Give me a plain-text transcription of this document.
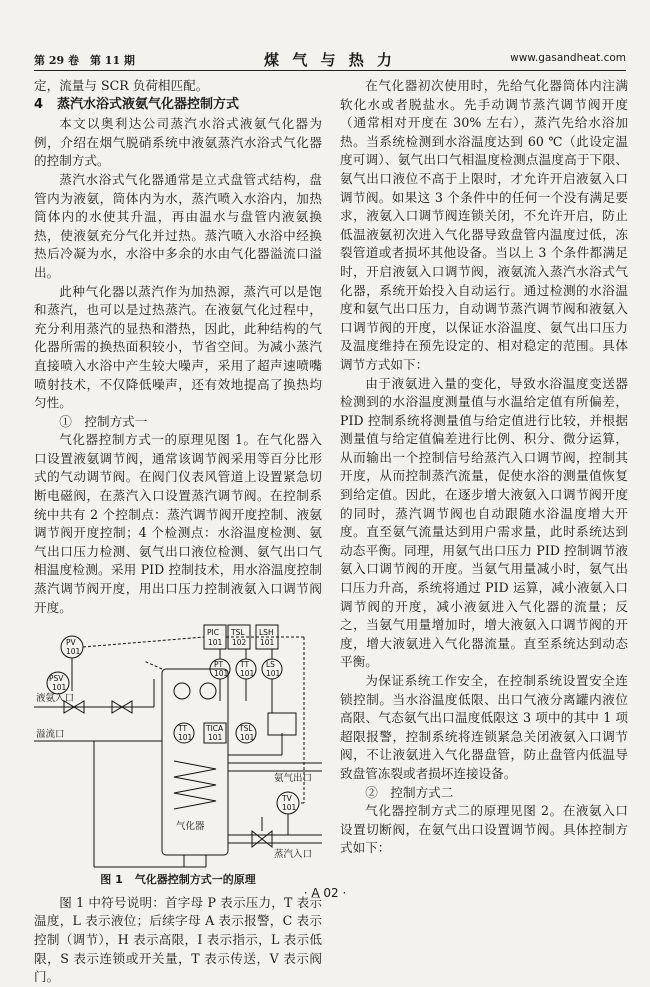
第 29 卷　第 11 期	煤 气 与 热 力	www.gasandheat.com

定，流量与 SCR 负荷相匹配。

4 蒸汽水浴式液氨气化器控制方式

本文以奥利达公司蒸汽水浴式液氨气化器为例，介绍在烟气脱硝系统中液氨蒸汽水浴式气化器的控制方式。

蒸汽水浴式气化器通常是立式盘管式结构，盘管内为液氨，筒体内为水，蒸汽喷入水浴内，加热筒体内的水使其升温，再由温水与盘管内液氨换热，使液氨充分气化并过热。蒸汽喷入水浴中经换热后冷凝为水，水浴中多余的水由气化器溢流口溢出。

此种气化器以蒸汽作为加热源，蒸汽可以是饱和蒸汽，也可以是过热蒸汽。在液氨气化过程中，充分利用蒸汽的显热和潜热，因此，此种结构的气化器所需的换热面积较小，节省空间。为减小蒸汽直接喷入水浴中产生较大噪声，采用了超声速喷嘴喷射技术，不仅降低噪声，还有效地提高了换热均匀性。

①　控制方式一

气化器控制方式一的原理见图 1。在气化器入口设置液氨调节阀，通常该调节阀采用等百分比形式的气动调节阀。在阀门仪表风管道上设置紧急切断电磁阀，在蒸汽入口设置蒸汽调节阀。在控制系统中共有 2 个控制点：蒸汽调节阀开度控制、液氨调节阀开度控制；4 个检测点：水浴温度检测、氨气出口压力检测、氨气出口液位检测、氨气出口气相温度检测。采用 PID 控制技术，用水浴温度控制蒸汽调节阀开度，用出口压力控制液氨入口调节阀开度。

PIC
101
TSL
102
LSH
101
PV
101
PSV
101
PT
101
TT
101
LS
101
TT
101
TICA
101
TSL
101
TV
101
液氨入口
溢流口
气化器
氨气出口
蒸汽入口
图 1 气化器控制方式一的原理

图 1 中符号说明：首字母 P 表示压力，T 表示温度，L 表示液位；后续字母 A 表示报警，C 表示控制（调节），H 表示高限，I 表示指示，L 表示低限，S 表示连锁或开关量，T 表示传送，V 表示阀门。

在气化器初次使用时，先给气化器筒体内注满软化水或者脱盐水。先手动调节蒸汽调节阀开度（通常相对开度在 30% 左右），蒸汽先给水浴加热。当系统检测到水浴温度达到 60 ℃（此设定温度可调）、氨气出口气相温度检测点温度高于下限、氨气出口液位不高于上限时，才允许开启液氨入口调节阀。如果这 3 个条件中的任何一个没有满足要求，液氨入口调节阀连锁关闭，不允许开启，防止低温液氨初次进入气化器导致盘管内温度过低，冻裂管道或者损坏其他设备。当以上 3 个条件都满足时，开启液氨入口调节阀，液氨流入蒸汽水浴式气化器，系统开始投入自动运行。通过检测的水浴温度和氨气出口压力，自动调节蒸汽调节阀和液氨入口调节阀的开度，以保证水浴温度、氨气出口压力及温度维持在预先设定的、相对稳定的范围。具体调节方式如下：

由于液氨进入量的变化，导致水浴温度变送器检测到的水浴温度测量值与水温给定值有所偏差，PID 控制系统将测量值与给定值进行比较，并根据测量值与给定值偏差进行比例、积分、微分运算，从而输出一个控制信号给蒸汽入口调节阀，控制其开度，从而控制蒸汽流量，促使水浴的测量值恢复到给定值。因此，在逐步增大液氨入口调节阀开度的同时，蒸汽调节阀也自动跟随水浴温度增大开度。直至氨气流量达到用户需求量，此时系统达到动态平衡。同理，用氨气出口压力 PID 控制调节液氨入口调节阀的开度。当氨气用量减小时，氨气出口压力升高，系统将通过 PID 运算，减小液氨入口调节阀的开度，减小液氨进入气化器的流量；反之，当氨气用量增加时，增大液氨入口调节阀的开度，增大液氨进入气化器流量。直至系统达到动态平衡。

为保证系统工作安全，在控制系统设置安全连锁控制。当水浴温度低限、出口气液分离罐内液位高限、气态氨气出口温度低限这 3 项中的其中 1 项超限报警，控制系统将连锁紧急关闭液氨入口调节阀，不让液氨进入气化器盘管，防止盘管内低温导致盘管冻裂或者损坏连接设备。

②　控制方式二

气化器控制方式二的原理见图 2。在液氨入口设置切断阀，在氨气出口设置调节阀。具体控制方式如下：

· A 02 ·
